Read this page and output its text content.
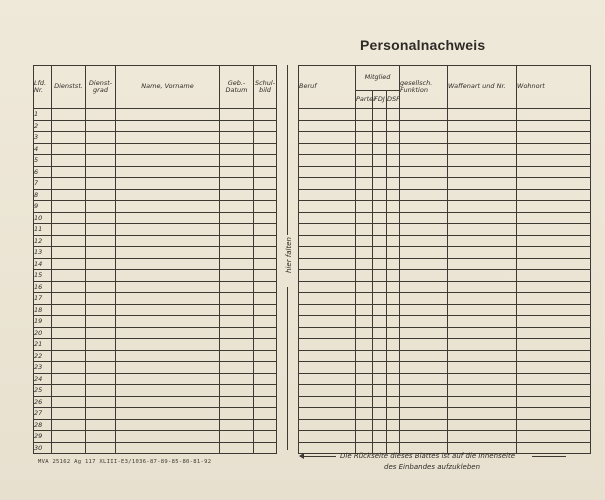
Personalnachweis
Lfd. Nr.	Dienstst.	Dienst-grad	Name, Vorname	Geb.-Datum	Schul-bild
1					
2					
3					
4					
5					
6					
7					
8					
9					
10					
11					
12					
13					
14					
15					
16					
17					
18					
19					
20					
21					
22					
23					
24					
25					
26					
27					
28					
29					
30					
hier falten
Beruf	Mitglied			gesellsch. Funktion	Waffenart und Nr.	Wohnort
	Partei	FDJ	DSF			

MVA 25162 Ag 117 XLIII-E3/1036-87-89-85-80-81-92
Die Rückseite dieses Blattes ist auf die Innenseite
des Einbandes aufzukleben
